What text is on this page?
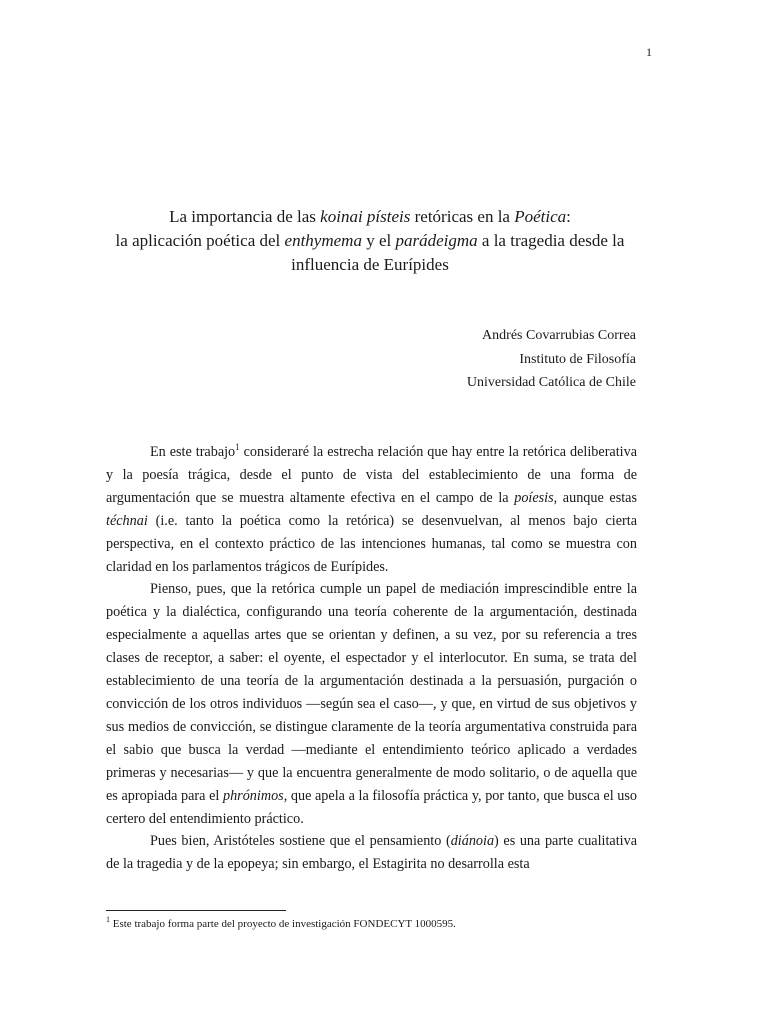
1
La importancia de las koinai písteis retóricas en la Poética:
la aplicación poética del enthymema y el parádeigma a la tragedia desde la influencia de Eurípides
Andrés Covarrubias Correa
Instituto de Filosofía
Universidad Católica de Chile

En este trabajo$^1$ consideraré la estrecha relación que hay entre la retórica deliberativa y la poesía trágica, desde el punto de vista del establecimiento de una forma de argumentación que se muestra altamente efectiva en el campo de la poíesis, aunque estas téchnai (i.e. tanto la poética como la retórica) se desenvuelvan, al menos bajo cierta perspectiva, en el contexto práctico de las intenciones humanas, tal como se muestra con claridad en los parlamentos trágicos de Eurípides.

Pienso, pues, que la retórica cumple un papel de mediación imprescindible entre la poética y la dialéctica, configurando una teoría coherente de la argumentación, destinada especialmente a aquellas artes que se orientan y definen, a su vez, por su referencia a tres clases de receptor, a saber: el oyente, el espectador y el interlocutor. En suma, se trata del establecimiento de una teoría de la argumentación destinada a la persuasión, purgación o convicción de los otros individuos —según sea el caso—, y que, en virtud de sus objetivos y sus medios de convicción, se distingue claramente de la teoría argumentativa construida para el sabio que busca la verdad —mediante el entendimiento teórico aplicado a verdades primeras y necesarias— y que la encuentra generalmente de modo solitario, o de aquella que es apropiada para el phrónimos, que apela a la filosofía práctica y, por tanto, que busca el uso certero del entendimiento práctico.

Pues bien, Aristóteles sostiene que el pensamiento (diánoia) es una parte cualitativa de la tragedia y de la epopeya; sin embargo, el Estagirita no desarrolla esta

$^1$ Este trabajo forma parte del proyecto de investigación FONDECYT 1000595.
